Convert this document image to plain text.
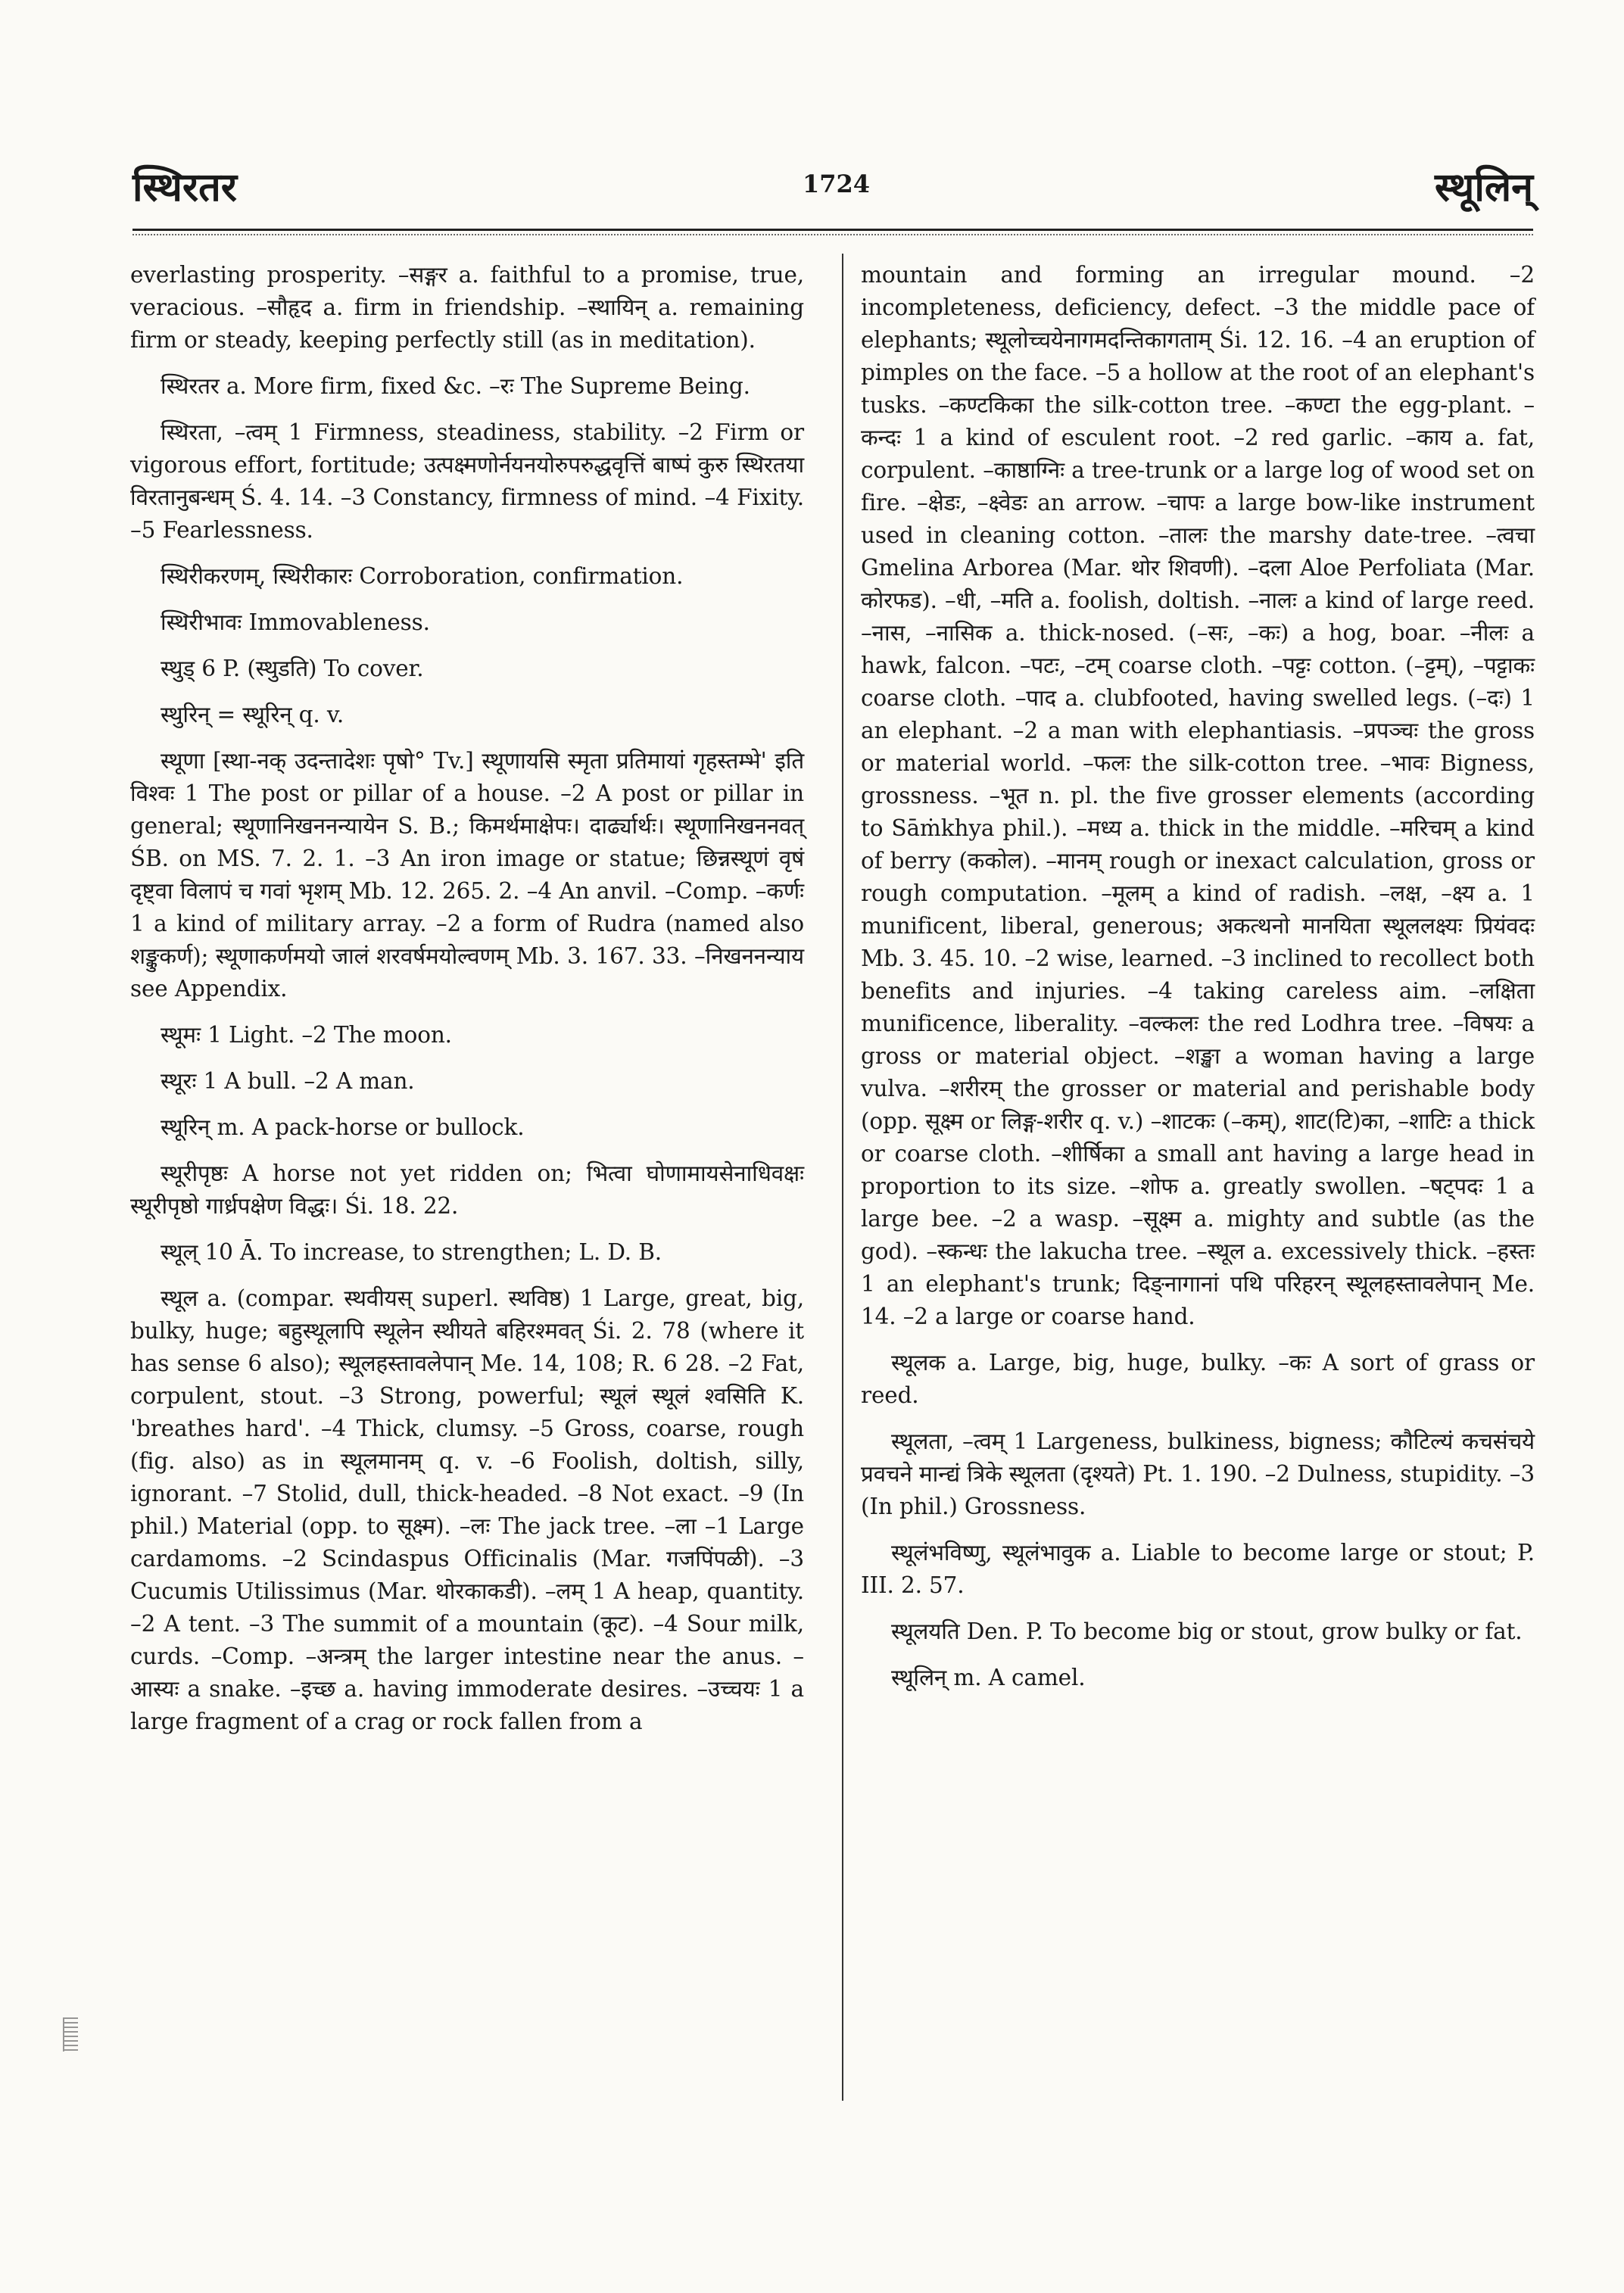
स्थिरतर	1724	स्थूलिन्

everlasting prosperity. –सङ्गर a. faithful to a promise, true, veracious. –सौहृद a. firm in friendship. –स्थायिन् a. remaining firm or steady, keeping perfectly still (as in meditation).

स्थिरतर a. More firm, fixed &c. –रः The Supreme Being.

स्थिरता, –त्वम् 1 Firmness, steadiness, stability. –2 Firm or vigorous effort, fortitude; उत्पक्ष्मणोर्नयनयोरुपरुद्धवृत्तिं बाष्पं कुरु स्थिरतया विरतानुबन्धम् Ś. 4. 14. –3 Constancy, firmness of mind. –4 Fixity. –5 Fearlessness.

स्थिरीकरणम्, स्थिरीकारः Corroboration, confirmation.

स्थिरीभावः Immovableness.

स्थुड् 6 P. (स्थुडति) To cover.

स्थुरिन् = स्थूरिन् q. v.

स्थूणा [स्था-नक् उदन्तादेशः पृषो° Tv.] स्थूणायसि स्मृता प्रतिमायां गृहस्तम्भे' इति विश्वः 1 The post or pillar of a house. –2 A post or pillar in general; स्थूणानिखननन्यायेन S. B.; किमर्थमाक्षेपः। दार्ढ्यार्थः। स्थूणानिखननवत् ŚB. on MS. 7. 2. 1. –3 An iron image or statue; छिन्नस्थूणं वृषं दृष्ट्वा विलापं च गवां भृशम् Mb. 12. 265. 2. –4 An anvil. –Comp. –कर्णः 1 a kind of military array. –2 a form of Rudra (named also शङ्कुकर्ण); स्थूणाकर्णमयो जालं शरवर्षमयोल्वणम् Mb. 3. 167. 33. –निखननन्याय see Appendix.

स्थूमः 1 Light. –2 The moon.

स्थूरः 1 A bull. –2 A man.

स्थूरिन् m. A pack-horse or bullock.

स्थूरीपृष्ठः A horse not yet ridden on; भित्वा घोणामायसेनाधिवक्षः स्थूरीपृष्ठो गार्ध्रपक्षेण विद्धः। Śi. 18. 22.

स्थूल् 10 Ā. To increase, to strengthen; L. D. B.

स्थूल a. (compar. स्थवीयस् superl. स्थविष्ठ) 1 Large, great, big, bulky, huge; बहुस्थूलापि स्थूलेन स्थीयते बहिरश्मवत् Śi. 2. 78 (where it has sense 6 also); स्थूलहस्तावलेपान् Me. 14, 108; R. 6 28. –2 Fat, corpulent, stout. –3 Strong, powerful; स्थूलं स्थूलं श्वसिति K. 'breathes hard'. –4 Thick, clumsy. –5 Gross, coarse, rough (fig. also) as in स्थूलमानम् q. v. –6 Foolish, doltish, silly, ignorant. –7 Stolid, dull, thick-headed. –8 Not exact. –9 (In phil.) Material (opp. to सूक्ष्म). –लः The jack tree. –ला –1 Large cardamoms. –2 Scindaspus Officinalis (Mar. गजपिंपळी). –3 Cucumis Utilissimus (Mar. थोरकाकडी). –लम् 1 A heap, quantity. –2 A tent. –3 The summit of a mountain (कूट). –4 Sour milk, curds. –Comp. –अन्त्रम् the larger intestine near the anus. –आस्यः a snake. –इच्छ a. having immoderate desires. –उच्चयः 1 a large fragment of a crag or rock fallen from a

mountain and forming an irregular mound. –2 incompleteness, deficiency, defect. –3 the middle pace of elephants; स्थूलोच्चयेनागमदन्तिकागताम् Śi. 12. 16. –4 an eruption of pimples on the face. –5 a hollow at the root of an elephant's tusks. –कण्टकिका the silk-cotton tree. –कण्टा the egg-plant. –कन्दः 1 a kind of esculent root. –2 red garlic. –काय a. fat, corpulent. –काष्ठाग्निः a tree-trunk or a large log of wood set on fire. –क्षेडः, –क्ष्वेडः an arrow. –चापः a large bow-like instrument used in cleaning cotton. –तालः the marshy date-tree. –त्वचा Gmelina Arborea (Mar. थोर शिवणी). –दला Aloe Perfoliata (Mar. कोरफड). –धी, –मति a. foolish, doltish. –नालः a kind of large reed. –नास, –नासिक a. thick-nosed. (–सः, –कः) a hog, boar. –नीलः a hawk, falcon. –पटः, –टम् coarse cloth. –पट्टः cotton. (–ट्टम्), –पट्टाकः coarse cloth. –पाद a. clubfooted, having swelled legs. (–दः) 1 an elephant. –2 a man with elephantiasis. –प्रपञ्चः the gross or material world. –फलः the silk-cotton tree. –भावः Bigness, grossness. –भूत n. pl. the five grosser elements (according to Sāṁkhya phil.). –मध्य a. thick in the middle. –मरिचम् a kind of berry (ककोल). –मानम् rough or inexact calculation, gross or rough computation. –मूलम् a kind of radish. –लक्ष, –क्ष्य a. 1 munificent, liberal, generous; अकत्थनो मानयिता स्थूललक्ष्यः प्रियंवदः Mb. 3. 45. 10. –2 wise, learned. –3 inclined to recollect both benefits and injuries. –4 taking careless aim. –लक्षिता munificence, liberality. –वल्कलः the red Lodhra tree. –विषयः a gross or material object. –शङ्खा a woman having a large vulva. –शरीरम् the grosser or material and perishable body (opp. सूक्ष्म or लिङ्ग-शरीर q. v.) –शाटकः (–कम्), शाट(टि)का, –शाटिः a thick or coarse cloth. –शीर्षिका a small ant having a large head in proportion to its size. –शोफ a. greatly swollen. –षट्पदः 1 a large bee. –2 a wasp. –सूक्ष्म a. mighty and subtle (as the god). –स्कन्धः the lakucha tree. –स्थूल a. excessively thick. –हस्तः 1 an elephant's trunk; दिङ्नागानां पथि परिहरन् स्थूलहस्तावलेपान् Me. 14. –2 a large or coarse hand.

स्थूलक a. Large, big, huge, bulky. –कः A sort of grass or reed.

स्थूलता, –त्वम् 1 Largeness, bulkiness, bigness; कौटिल्यं कचसंचये प्रवचने मान्द्यं त्रिके स्थूलता (दृश्यते) Pt. 1. 190. –2 Dulness, stupidity. –3 (In phil.) Grossness.

स्थूलंभविष्णु, स्थूलंभावुक a. Liable to become large or stout; P. III. 2. 57.

स्थूलयति Den. P. To become big or stout, grow bulky or fat.

स्थूलिन् m. A camel.
